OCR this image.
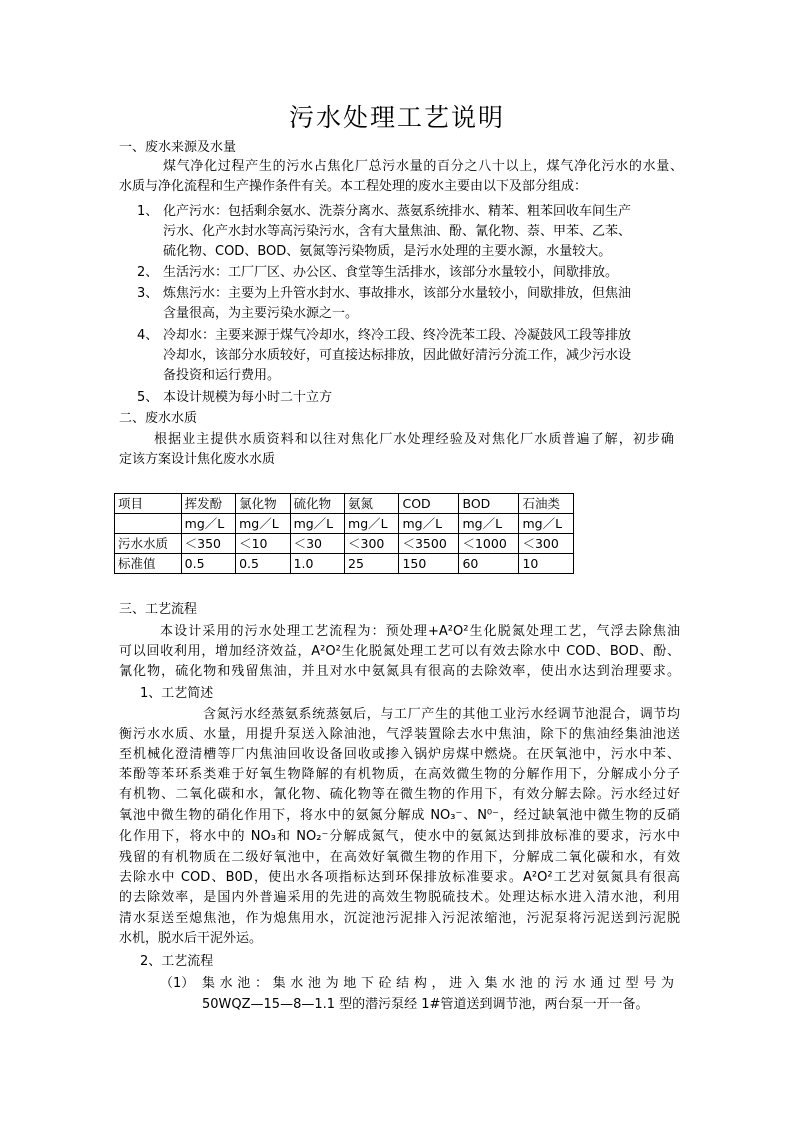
污水处理工艺说明
一、废水来源及水量
煤气净化过程产生的污水占焦化厂总污水量的百分之八十以上，煤气净化污水的水量、
水质与净化流程和生产操作条件有关。本工程处理的废水主要由以下及部分组成：
1、 化产污水：包括剩余氨水、洗萘分离水、蒸氨系统排水、精苯、粗苯回收车间生产
污水、化产水封水等高污染污水，含有大量焦油、酚、氰化物、萘、甲苯、乙苯、
硫化物、COD、BOD、氨氮等污染物质，是污水处理的主要水源，水量较大。
2、 生活污水：工厂厂区、办公区、食堂等生活排水，该部分水量较小，间歇排放。
3、 炼焦污水：主要为上升管水封水、事故排水，该部分水量较小，间歇排放，但焦油
含量很高，为主要污染水源之一。
4、 冷却水：主要来源于煤气冷却水，终冷工段、终冷洗苯工段、冷凝鼓风工段等排放
冷却水，该部分水质较好，可直接达标排放，因此做好清污分流工作，减少污水设
备投资和运行费用。
5、 本设计规模为每小时二十立方
二、废水水质
根据业主提供水质资料和以往对焦化厂水处理经验及对焦化厂水质普遍了解，初步确
定该方案设计焦化废水水质
项目	挥发酚	氯化物	硫化物	氨氮	COD	BOD	石油类
	mg／L	mg／L	mg／L	mg／L	mg／L	mg／L	mg／L
污水水质	＜350	＜10	＜30	＜300	＜3500	＜1000	＜300
标准值	0.5	0.5	1.0	25	150	60	10
三、工艺流程
本设计采用的污水处理工艺流程为：预处理+A²O²生化脱氮处理工艺，气浮去除焦油
可以回收利用，增加经济效益，A²O²生化脱氮处理工艺可以有效去除水中 COD、BOD、酚、
氰化物，硫化物和残留焦油，并且对水中氨氮具有很高的去除效率，使出水达到治理要求。
1、工艺简述
含氮污水经蒸氨系统蒸氨后，与工厂产生的其他工业污水经调节池混合，调节均
衡污水水质、水量，用提升泵送入除油池，气浮装置除去水中焦油，除下的焦油经集油池送
至机械化澄清槽等厂内焦油回收设备回收或掺入锅炉房煤中燃烧。在厌氧池中，污水中苯、
苯酚等苯环系类难于好氧生物降解的有机物质，在高效微生物的分解作用下，分解成小分子
有机物、二氧化碳和水，氰化物、硫化物等在微生物的作用下，有效分解去除。污水经过好
氧池中微生物的硝化作用下，将水中的氨氮分解成 NO₃⁻、N⁰⁻，经过缺氧池中微生物的反硝
化作用下，将水中的 NO₃和 NO₂⁻分解成氮气，使水中的氨氮达到排放标准的要求，污水中
残留的有机物质在二级好氧池中，在高效好氧微生物的作用下，分解成二氧化碳和水，有效
去除水中 COD、B0D，使出水各项指标达到环保排放标准要求。A²O²工艺对氨氮具有很高
的去除效率，是国内外普遍采用的先进的高效生物脱硫技术。处理达标水进入清水池，利用
清水泵送至熄焦池，作为熄焦用水，沉淀池污泥排入污泥浓缩池，污泥泵将污泥送到污泥脱
水机，脱水后干泥外运。
2、工艺流程
（1） 集水池：集水池为地下砼结构，进入集水池的污水通过型号为
50WQZ—15—8—1.1 型的潜污泵经 1#管道送到调节池，两台泵一开一备。
